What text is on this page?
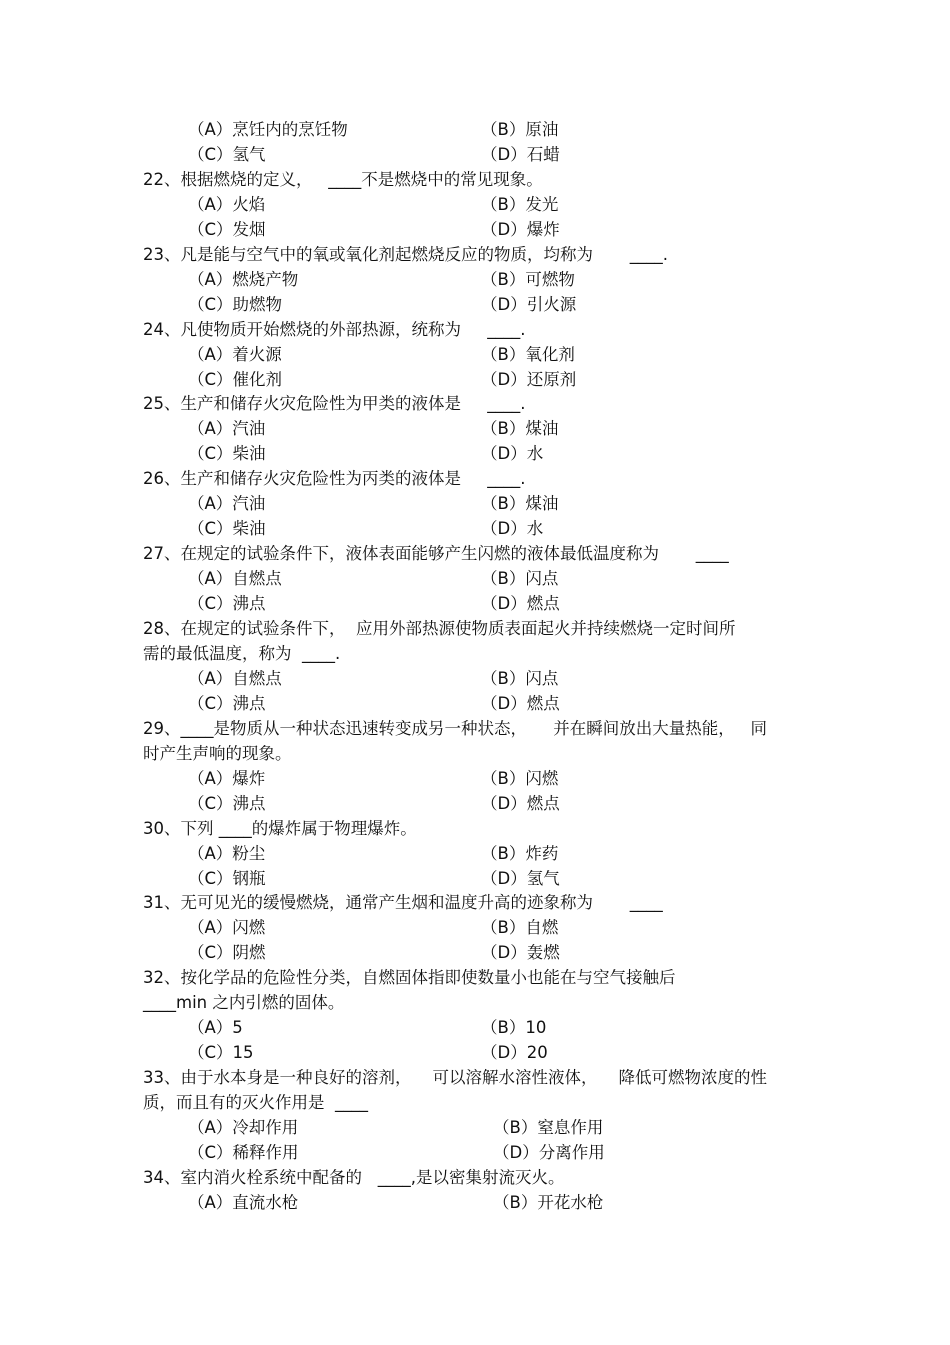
（A）烹饪内的烹饪物	（B）原油
（C）氢气	（D）石蜡
22、根据燃烧的定义，   ____不是燃烧中的常见现象。
（A）火焰	（B）发光
（C）发烟	（D）爆炸
23、凡是能与空气中的氧或氧化剂起燃烧反应的物质，均称为       ____.
（A）燃烧产物	（B）可燃物
（C）助燃物	（D）引火源
24、凡使物质开始燃烧的外部热源，统称为     ____.
（A）着火源	（B）氧化剂
（C）催化剂	（D）还原剂
25、生产和储存火灾危险性为甲类的液体是     ____.
（A）汽油	（B）煤油
（C）柴油	（D）水
26、生产和储存火灾危险性为丙类的液体是     ____.
（A）汽油	（B）煤油
（C）柴油	（D）水
27、在规定的试验条件下，液体表面能够产生闪燃的液体最低温度称为       ____
（A）自燃点	（B）闪点
（C）沸点	（D）燃点
28、在规定的试验条件下，  应用外部热源使物质表面起火并持续燃烧一定时间所
需的最低温度，称为  ____.
（A）自燃点	（B）闪点
（C）沸点	（D）燃点
29、____是物质从一种状态迅速转变成另一种状态，     并在瞬间放出大量热能，   同
时产生声响的现象。
（A）爆炸	（B）闪燃
（C）沸点	（D）燃点
30、下列 ____的爆炸属于物理爆炸。
（A）粉尘	（B）炸药
（C）钢瓶	（D）氢气
31、无可见光的缓慢燃烧，通常产生烟和温度升高的迹象称为       ____
（A）闪燃	（B）自燃
（C）阴燃	（D）轰燃
32、按化学品的危险性分类，自燃固体指即使数量小也能在与空气接触后
____min 之内引燃的固体。
（A）5	（B）10
（C）15	（D）20
33、由于水本身是一种良好的溶剂，    可以溶解水溶性液体，    降低可燃物浓度的性
质，而且有的灭火作用是  ____
（A）冷却作用	（B）窒息作用
（C）稀释作用	（D）分离作用
34、室内消火栓系统中配备的   ____,是以密集射流灭火。
（A）直流水枪	（B）开花水枪
